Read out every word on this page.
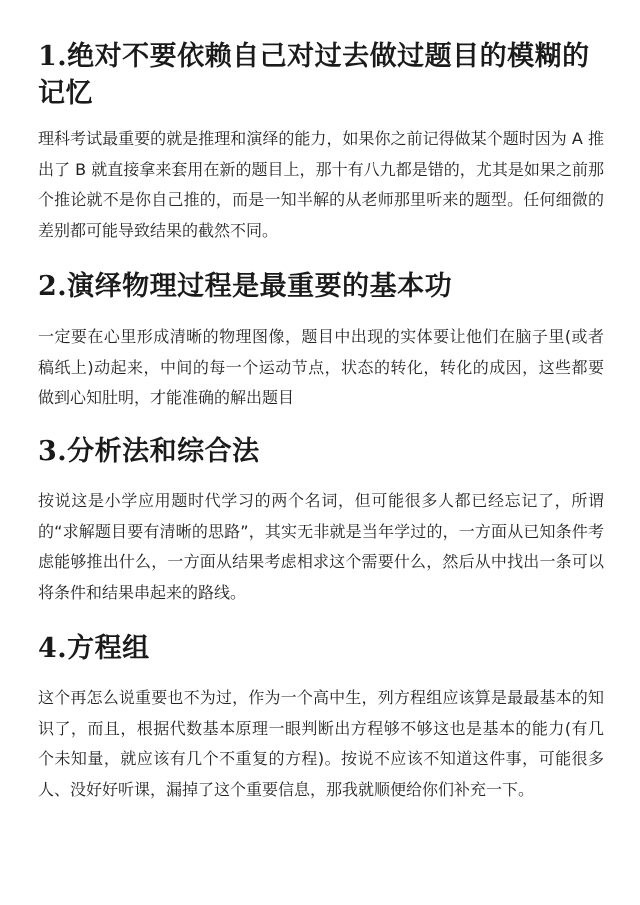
1.绝对不要依赖自己对过去做过题目的模糊的记忆

理科考试最重要的就是推理和演绎的能力，如果你之前记得做某个题时因为 A 推出了 B 就直接拿来套用在新的题目上，那十有八九都是错的，尤其是如果之前那个推论就不是你自己推的，而是一知半解的从老师那里听来的题型。任何细微的差别都可能导致结果的截然不同。

2.演绎物理过程是最重要的基本功

一定要在心里形成清晰的物理图像，题目中出现的实体要让他们在脑子里(或者稿纸上)动起来，中间的每一个运动节点，状态的转化，转化的成因，这些都要做到心知肚明，才能准确的解出题目

3.分析法和综合法

按说这是小学应用题时代学习的两个名词，但可能很多人都已经忘记了，所谓的“求解题目要有清晰的思路”，其实无非就是当年学过的，一方面从已知条件考虑能够推出什么，一方面从结果考虑相求这个需要什么，然后从中找出一条可以将条件和结果串起来的路线。

4.方程组

这个再怎么说重要也不为过，作为一个高中生，列方程组应该算是最最基本的知识了，而且，根据代数基本原理一眼判断出方程够不够这也是基本的能力(有几个未知量，就应该有几个不重复的方程)。按说不应该不知道这件事，可能很多人、没好好听课，漏掉了这个重要信息，那我就顺便给你们补充一下。
